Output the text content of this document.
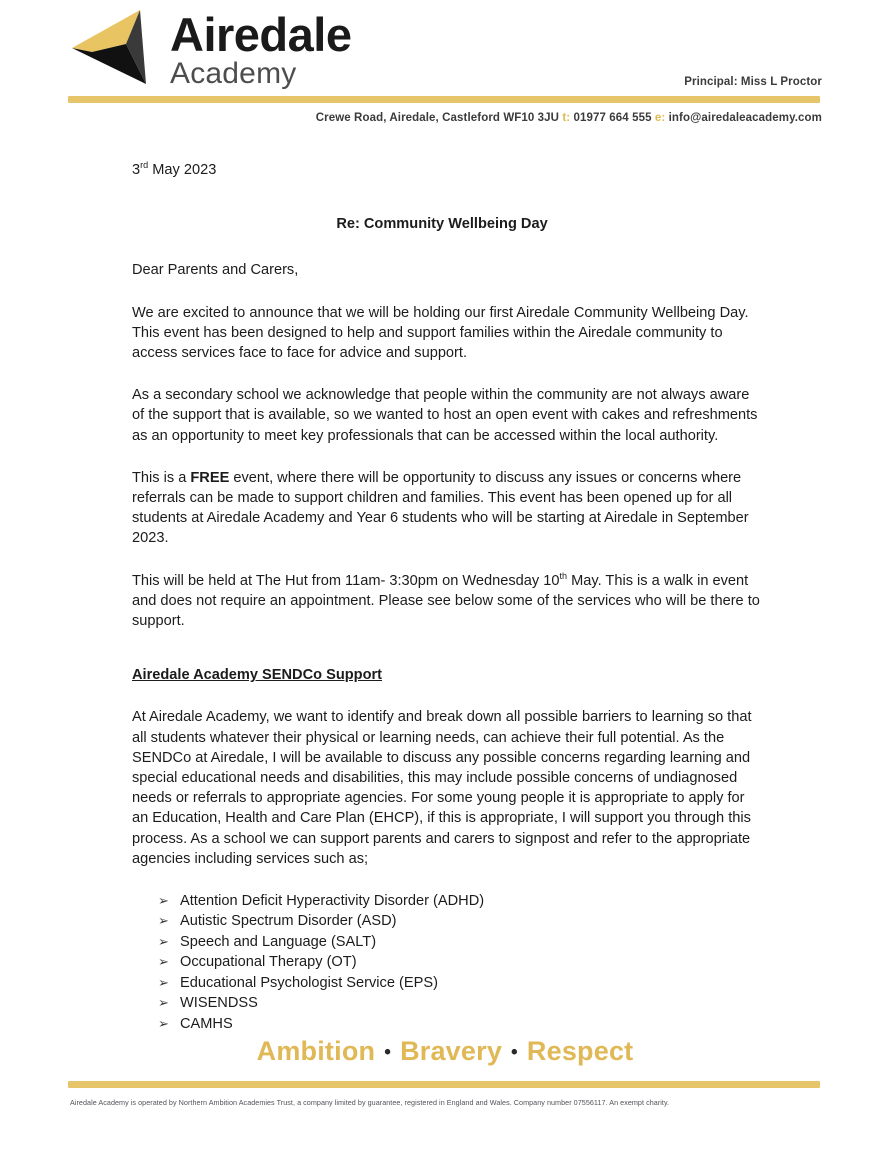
Airedale
Academy	Principal: Miss L Proctor
Crewe Road, Airedale, Castleford WF10 3JU t: 01977 664 555 e: info@airedaleacademy.com
3rd May 2023
Re: Community Wellbeing Day
Dear Parents and Carers,

We are excited to announce that we will be holding our first Airedale Community Wellbeing Day. This event has been designed to help and support families within the Airedale community to access services face to face for advice and support.

As a secondary school we acknowledge that people within the community are not always aware of the support that is available, so we wanted to host an open event with cakes and refreshments as an opportunity to meet key professionals that can be accessed within the local authority.

This is a FREE event, where there will be opportunity to discuss any issues or concerns where referrals can be made to support children and families. This event has been opened up for all students at Airedale Academy and Year 6 students who will be starting at Airedale in September 2023.

This will be held at The Hut from 11am- 3:30pm on Wednesday 10th May. This is a walk in event and does not require an appointment. Please see below some of the services who will be there to support.

Airedale Academy SENDCo Support

At Airedale Academy, we want to identify and break down all possible barriers to learning so that all students whatever their physical or learning needs, can achieve their full potential. As the SENDCo at Airedale, I will be available to discuss any possible concerns regarding learning and special educational needs and disabilities, this may include possible concerns of undiagnosed needs or referrals to appropriate agencies. For some young people it is appropriate to apply for an Education, Health and Care Plan (EHCP), if this is appropriate, I will support you through this process. As a school we can support parents and carers to signpost and refer to the appropriate agencies including services such as;

➢ Attention Deficit Hyperactivity Disorder (ADHD)
➢ Autistic Spectrum Disorder (ASD)
➢ Speech and Language (SALT)
➢ Occupational Therapy (OT)
➢ Educational Psychologist Service (EPS)
➢ WISENDSS
➢ CAMHS
Ambition • Bravery • Respect
Airedale Academy is operated by Northern Ambition Academies Trust, a company limited by guarantee, registered in England and Wales. Company number 07556117. An exempt charity.
